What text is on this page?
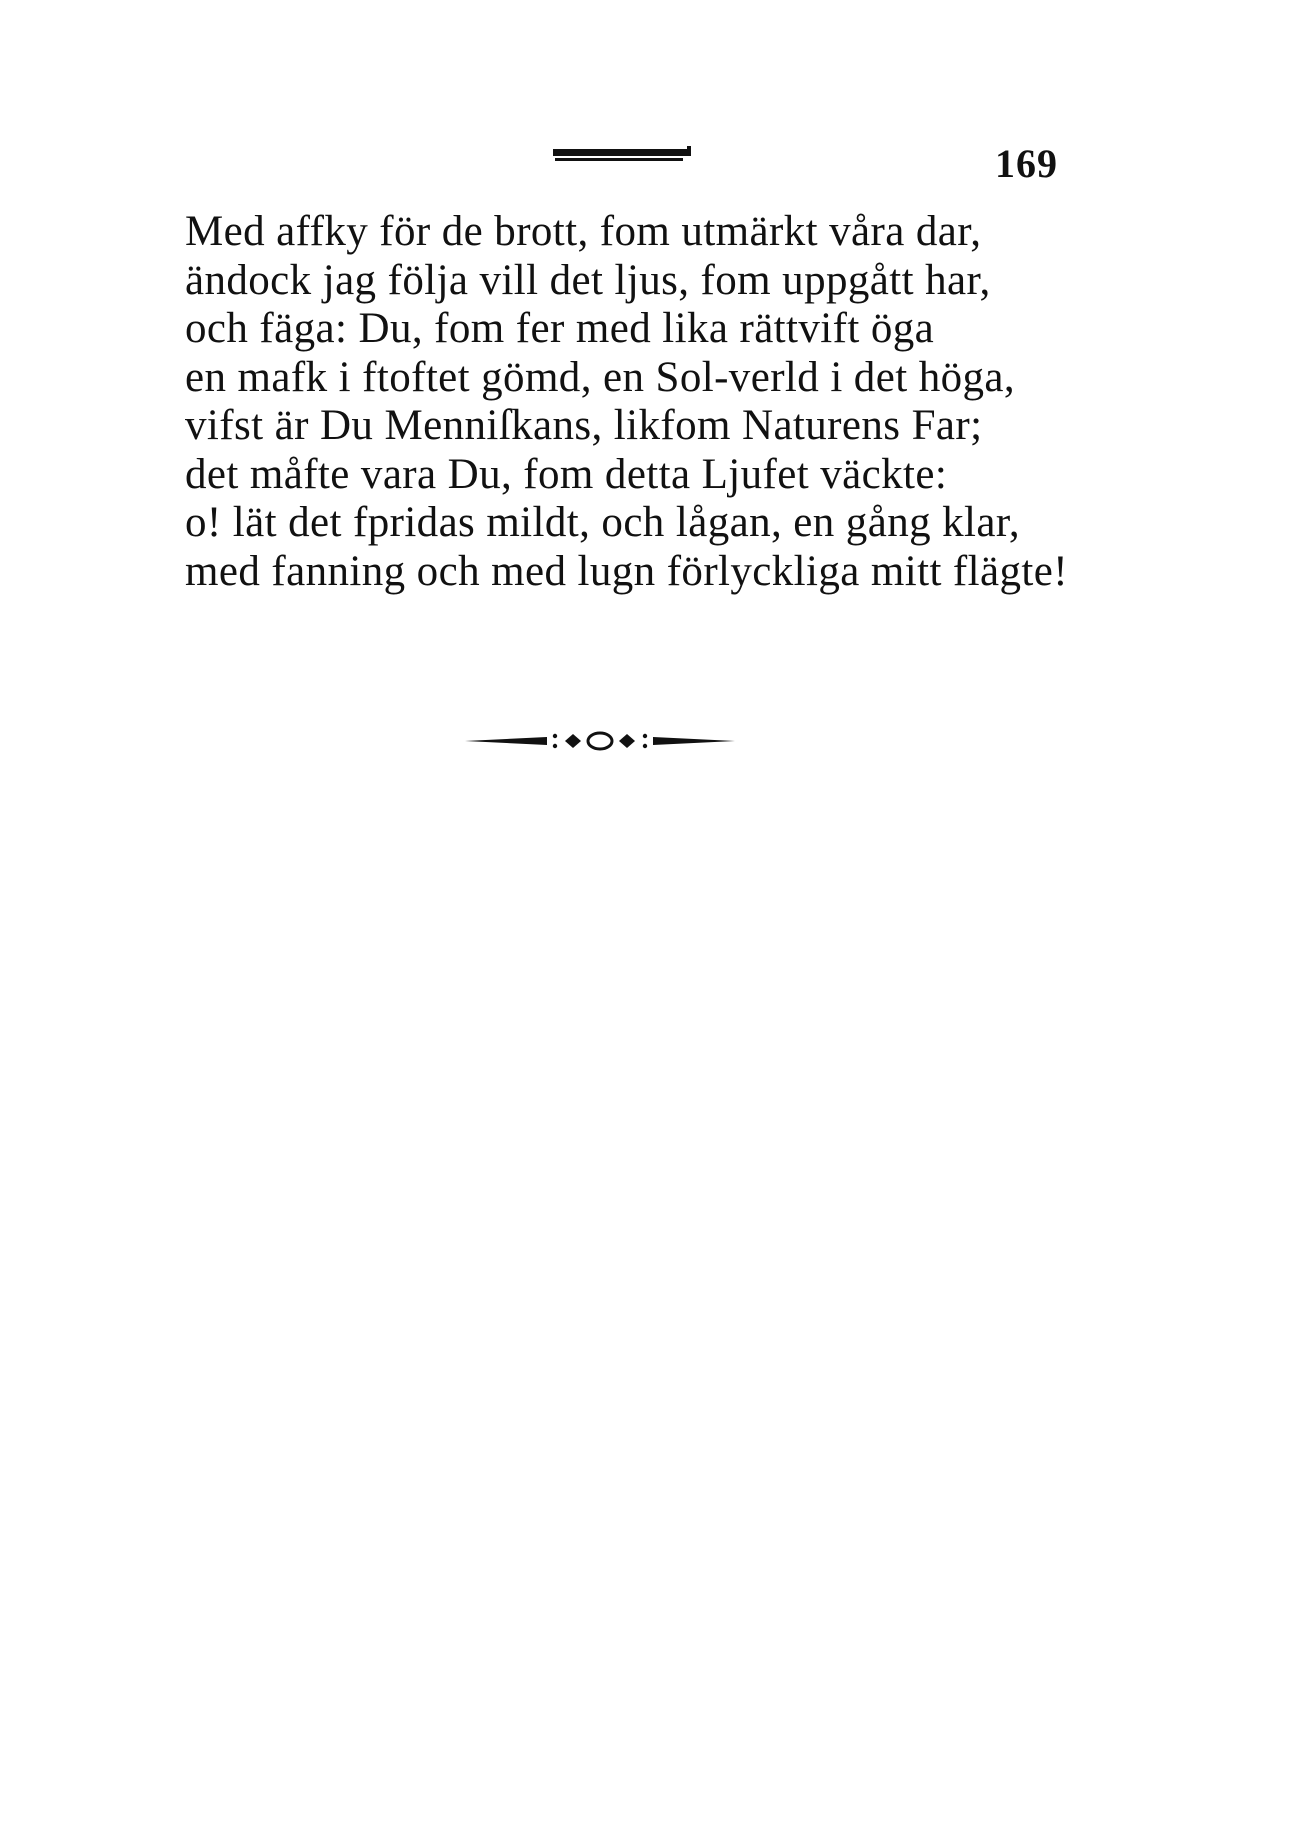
169
Med affky för de brott, fom utmärkt våra dar,
ändock jag följa vill det ljus, fom uppgått har,
och fäga: Du, fom fer med lika rättvift öga
en mafk i ftoftet gömd, en Sol-verld i det höga,
vifst är Du Menniſkans, likfom Naturens Far;
det måfte vara Du, fom detta Ljufet väckte:
o! lät det fpridas mildt, och lågan, en gång klar,
med fanning och med lugn förlyckliga mitt flägte!
